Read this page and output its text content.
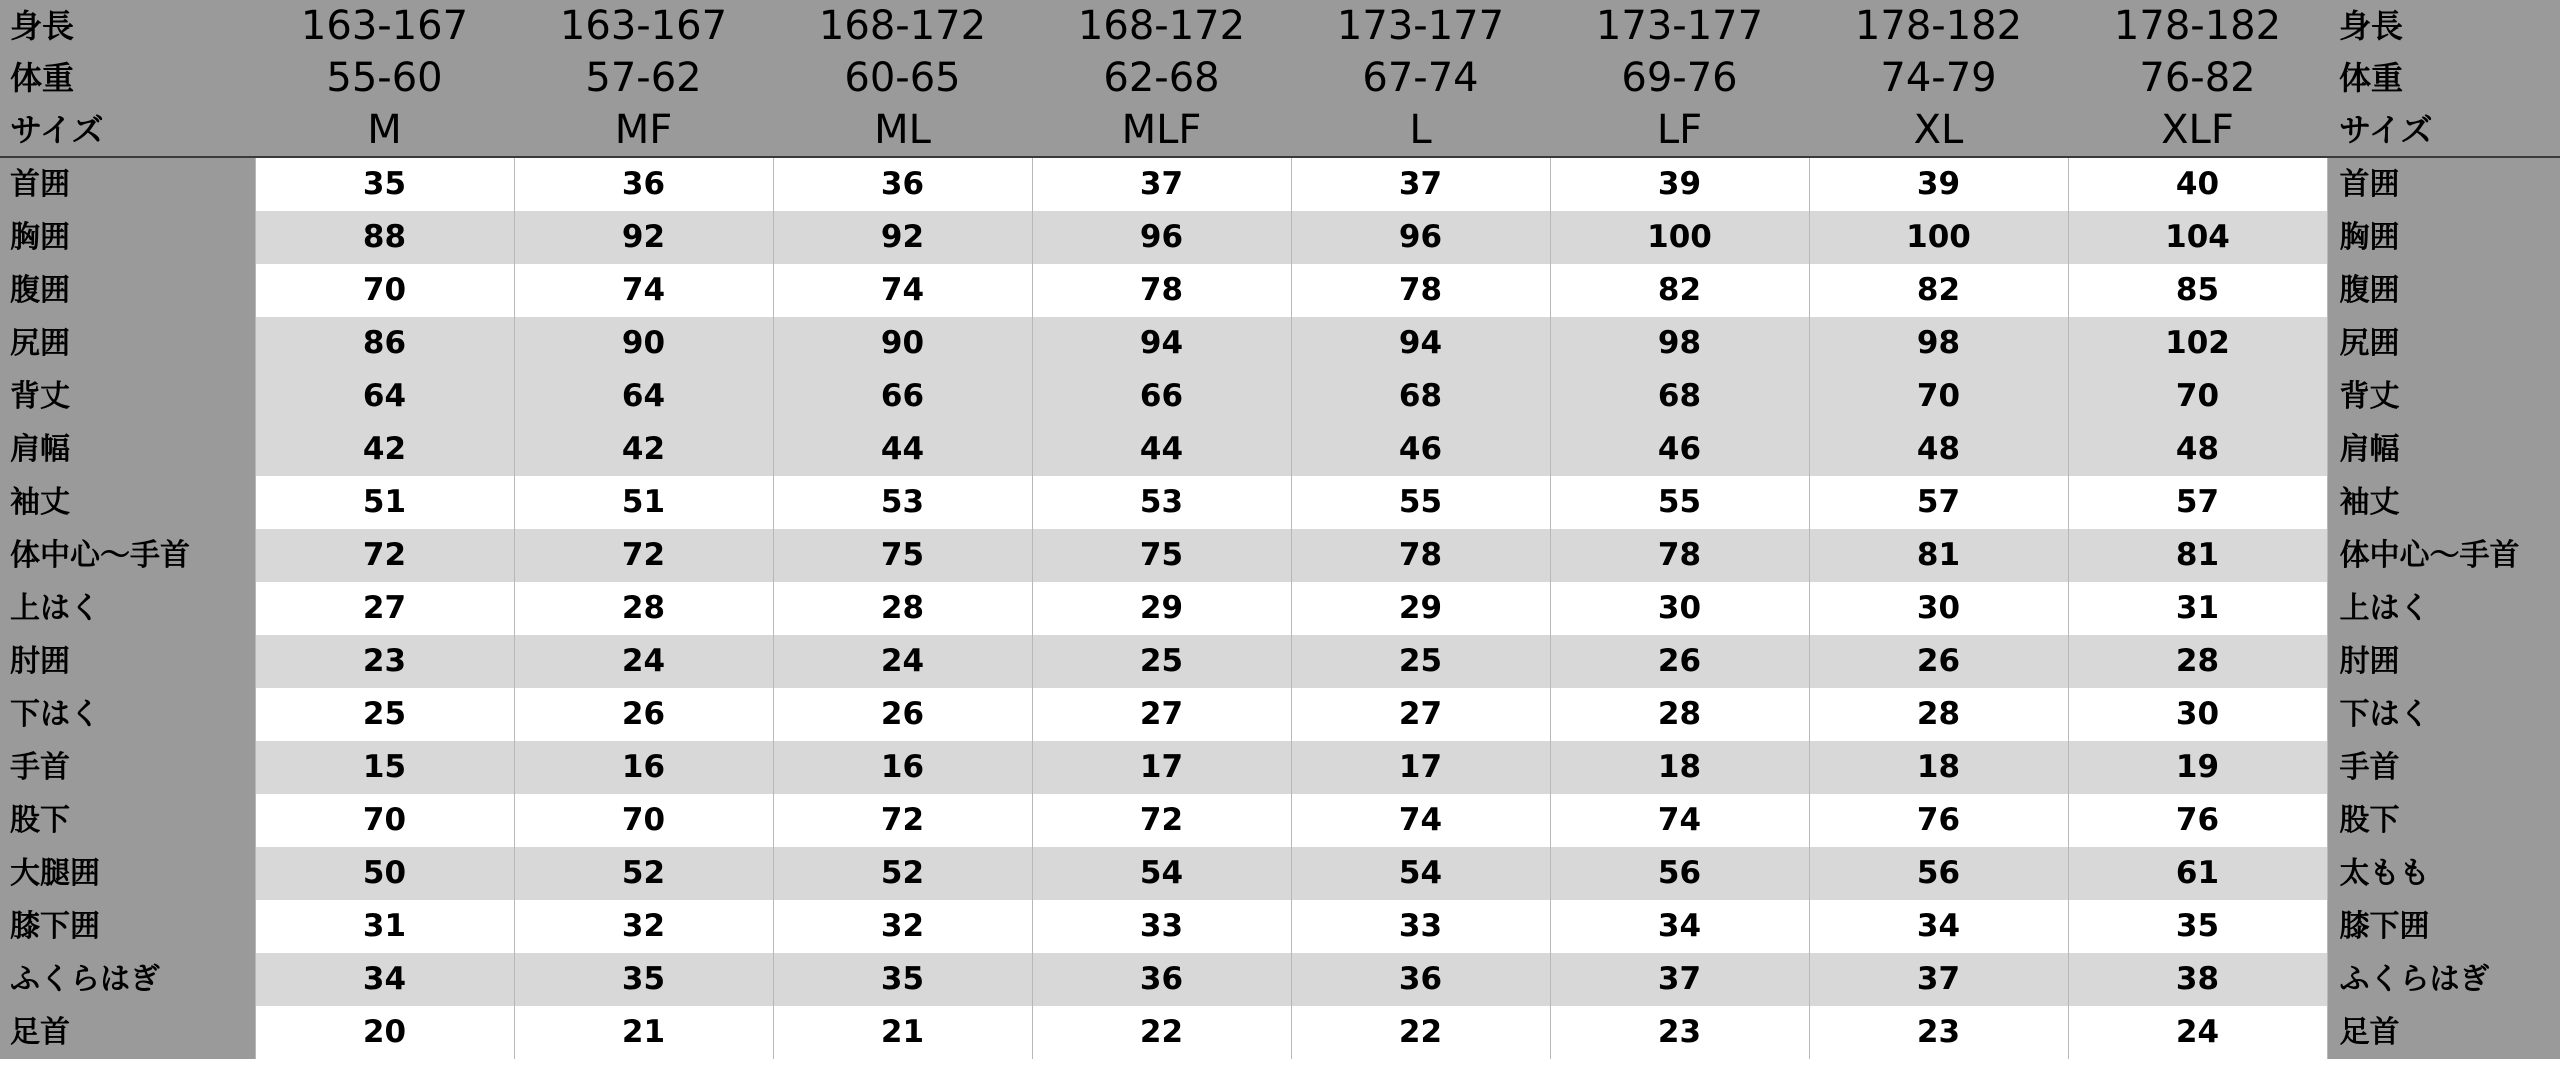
身長	163-167	163-167	168-172	168-172	173-177	173-177	178-182	178-182	身長
体重	55-60	57-62	60-65	62-68	67-74	69-76	74-79	76-82	体重
サイズ	M	MF	ML	MLF	L	LF	XL	XLF	サイズ
首囲	35	36	36	37	37	39	39	40	首囲
胸囲	88	92	92	96	96	100	100	104	胸囲
腹囲	70	74	74	78	78	82	82	85	腹囲
尻囲	86	90	90	94	94	98	98	102	尻囲
背丈	64	64	66	66	68	68	70	70	背丈
肩幅	42	42	44	44	46	46	48	48	肩幅
袖丈	51	51	53	53	55	55	57	57	袖丈
体中心〜手首	72	72	75	75	78	78	81	81	体中心〜手首
上はく	27	28	28	29	29	30	30	31	上はく
肘囲	23	24	24	25	25	26	26	28	肘囲
下はく	25	26	26	27	27	28	28	30	下はく
手首	15	16	16	17	17	18	18	19	手首
股下	70	70	72	72	74	74	76	76	股下
大腿囲	50	52	52	54	54	56	56	61	太もも
膝下囲	31	32	32	33	33	34	34	35	膝下囲
ふくらはぎ	34	35	35	36	36	37	37	38	ふくらはぎ
足首	20	21	21	22	22	23	23	24	足首
